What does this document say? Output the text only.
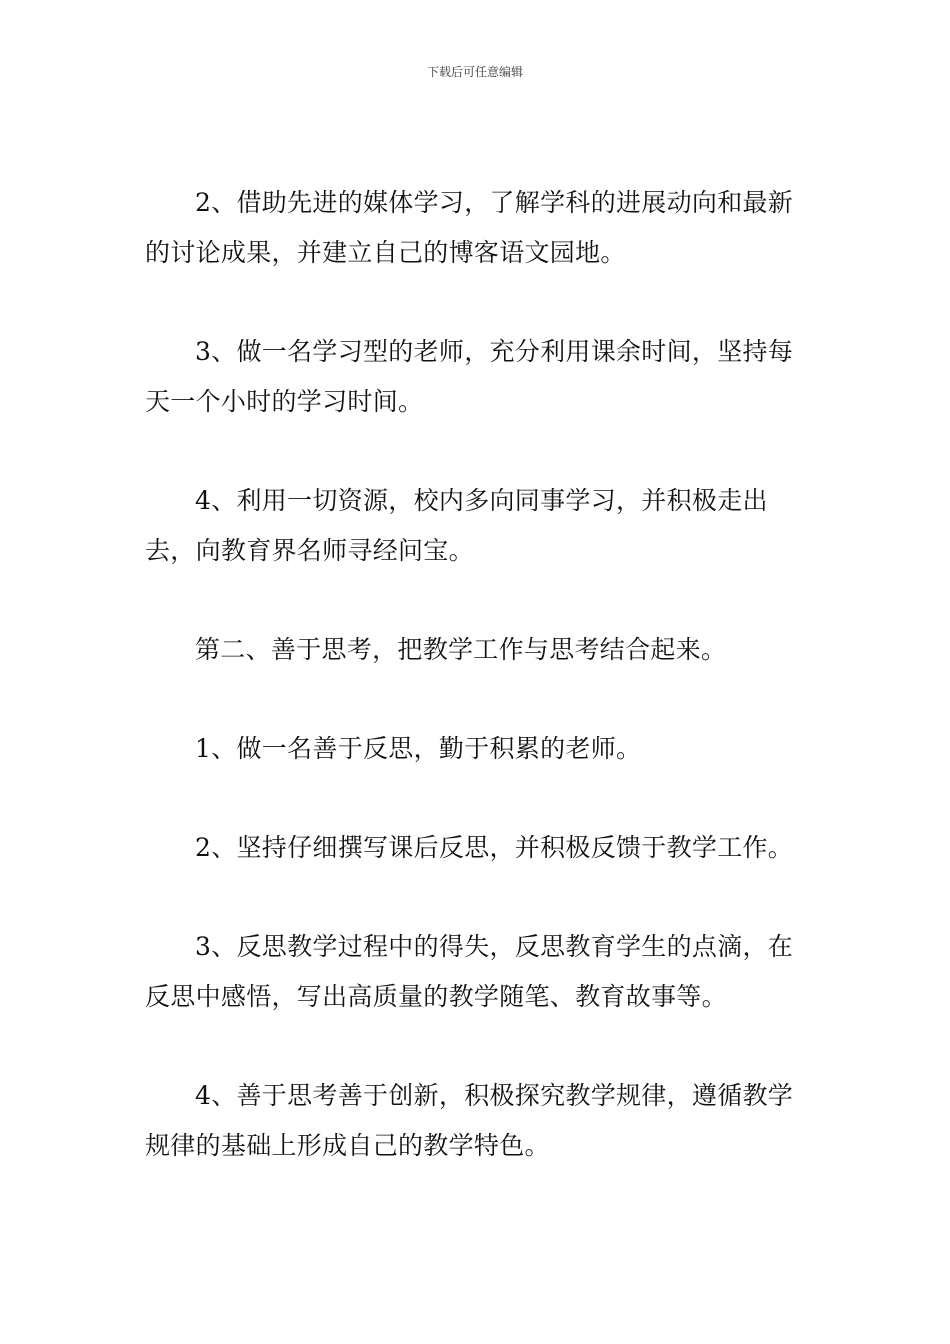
下载后可任意编辑

2、借助先进的媒体学习，了解学科的进展动向和最新的讨论成果，并建立自己的博客语文园地。

3、做一名学习型的老师，充分利用课余时间，坚持每天一个小时的学习时间。

4、利用一切资源，校内多向同事学习，并积极走出去，向教育界名师寻经问宝。

第二、善于思考，把教学工作与思考结合起来。

1、做一名善于反思，勤于积累的老师。

2、坚持仔细撰写课后反思，并积极反馈于教学工作。

3、反思教学过程中的得失，反思教育学生的点滴，在反思中感悟，写出高质量的教学随笔、教育故事等。

4、善于思考善于创新，积极探究教学规律，遵循教学规律的基础上形成自己的教学特色。
